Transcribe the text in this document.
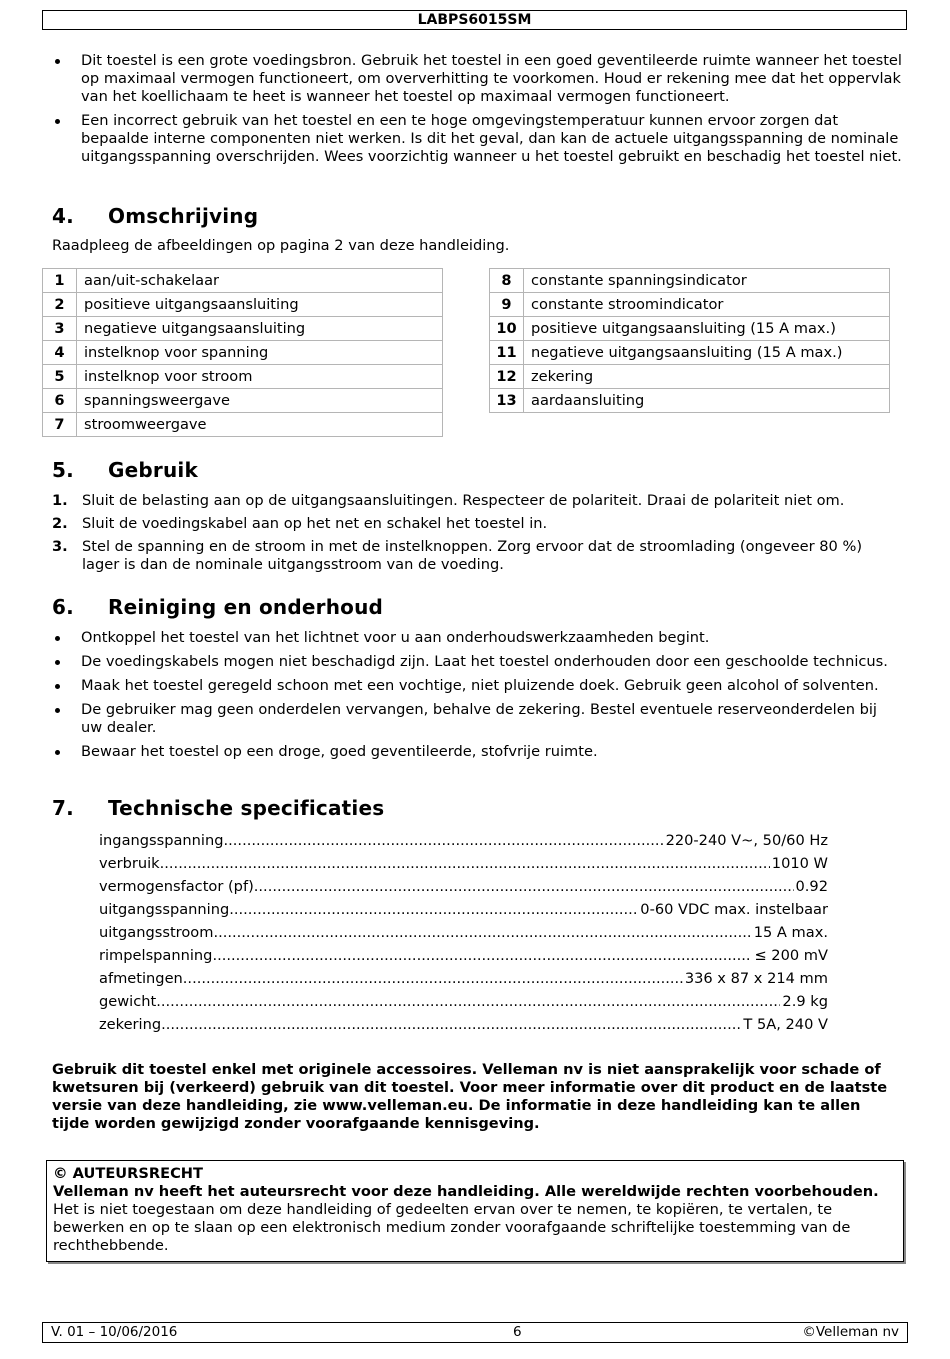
LABPS6015SM
Dit toestel is een grote voedingsbron. Gebruik het toestel in een goed geventileerde ruimte wanneer het toestel op maximaal vermogen functioneert, om oververhitting te voorkomen. Houd er rekening mee dat het oppervlak van het koellichaam te heet is wanneer het toestel op maximaal vermogen functioneert.
Een incorrect gebruik van het toestel en een te hoge omgevingstemperatuur kunnen ervoor zorgen dat bepaalde interne componenten niet werken. Is dit het geval, dan kan de actuele uitgangsspanning de nominale uitgangsspanning overschrijden. Wees voorzichtig wanneer u het toestel gebruikt en beschadig het toestel niet.
4. Omschrijving

Raadpleeg de afbeeldingen op pagina 2 van deze handleiding.

1	aan/uit-schakelaar
2	positieve uitgangsaansluiting
3	negatieve uitgangsaansluiting
4	instelknop voor spanning
5	instelknop voor stroom
6	spanningsweergave
7	stroomweergave
8	constante spanningsindicator
9	constante stroomindicator
10	positieve uitgangsaansluiting (15 A max.)
11	negatieve uitgangsaansluiting (15 A max.)
12	zekering
13	aardaansluiting
5. Gebruik
1. Sluit de belasting aan op de uitgangsaansluitingen. Respecteer de polariteit. Draai de polariteit niet om.
2. Sluit de voedingskabel aan op het net en schakel het toestel in.
3. Stel de spanning en de stroom in met de instelknoppen. Zorg ervoor dat de stroomlading (ongeveer 80 %) lager is dan de nominale uitgangsstroom van de voeding.
6. Reiniging en onderhoud
Ontkoppel het toestel van het lichtnet voor u aan onderhoudswerkzaamheden begint.
De voedingskabels mogen niet beschadigd zijn. Laat het toestel onderhouden door een geschoolde technicus.
Maak het toestel geregeld schoon met een vochtige, niet pluizende doek. Gebruik geen alcohol of solventen.
De gebruiker mag geen onderdelen vervangen, behalve de zekering. Bestel eventuele reserveonderdelen bij uw dealer.
Bewaar het toestel op een droge, goed geventileerde, stofvrije ruimte.
7. Technische specificaties
ingangsspanning .....	220-240 V~, 50/60 Hz
verbruik .....	1010 W
vermogensfactor (pf) .....	0.92
uitgangsspanning .....	0-60 VDC max. instelbaar
uitgangsstroom .....	15 A max.
rimpelspanning .....	≤ 200 mV
afmetingen .....	336 x 87 x 214 mm
gewicht .....	2.9 kg
zekering .....	T 5A, 240 V

Gebruik dit toestel enkel met originele accessoires. Velleman nv is niet aansprakelijk voor schade of kwetsuren bij (verkeerd) gebruik van dit toestel. Voor meer informatie over dit product en de laatste versie van deze handleiding, zie www.velleman.eu. De informatie in deze handleiding kan te allen tijde worden gewijzigd zonder voorafgaande kennisgeving.

© AUTEURSRECHT

Velleman nv heeft het auteursrecht voor deze handleiding. Alle wereldwijde rechten voorbehouden.

Het is niet toegestaan om deze handleiding of gedeelten ervan over te nemen, te kopiëren, te vertalen, te bewerken en op te slaan op een elektronisch medium zonder voorafgaande schriftelijke toestemming van de rechthebbende.

V. 01 – 10/06/2016	6	©Velleman nv
